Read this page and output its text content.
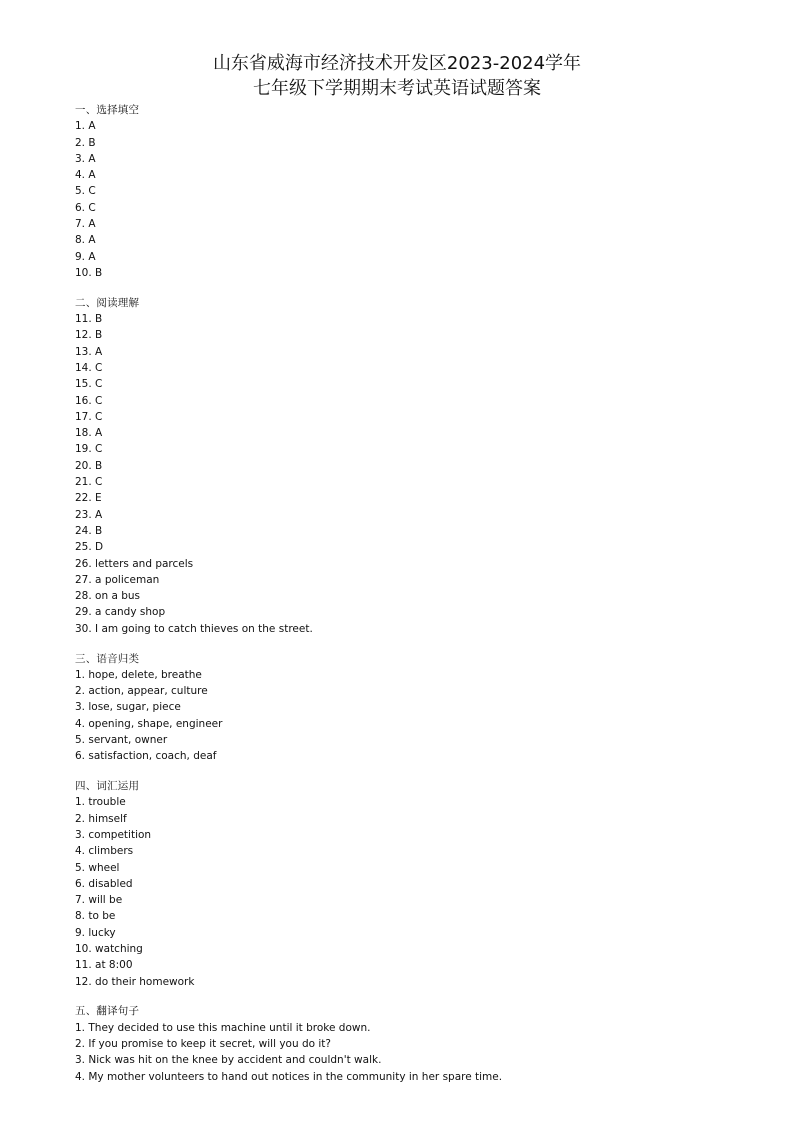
山东省威海市经济技术开发区2023-2024学年
七年级下学期期末考试英语试题答案
一、选择填空
1. A
2. B
3. A
4. A
5. C
6. C
7. A
8. A
9. A
10. B
二、阅读理解
11. B
12. B
13. A
14. C
15. C
16. C
17. C
18. A
19. C
20. B
21. C
22. E
23. A
24. B
25. D
26. letters and parcels
27. a policeman
28. on a bus
29. a candy shop
30. I am going to catch thieves on the street.
三、语音归类
1. hope, delete, breathe
2. action, appear, culture
3. lose, sugar, piece
4. opening, shape, engineer
5. servant, owner
6. satisfaction, coach, deaf
四、词汇运用
1. trouble
2. himself
3. competition
4. climbers
5. wheel
6. disabled
7. will be
8. to be
9. lucky
10. watching
11. at 8:00
12. do their homework
五、翻译句子
1. They decided to use this machine until it broke down.
2. If you promise to keep it secret, will you do it?
3. Nick was hit on the knee by accident and couldn't walk.
4. My mother volunteers to hand out notices in the community in her spare time.
